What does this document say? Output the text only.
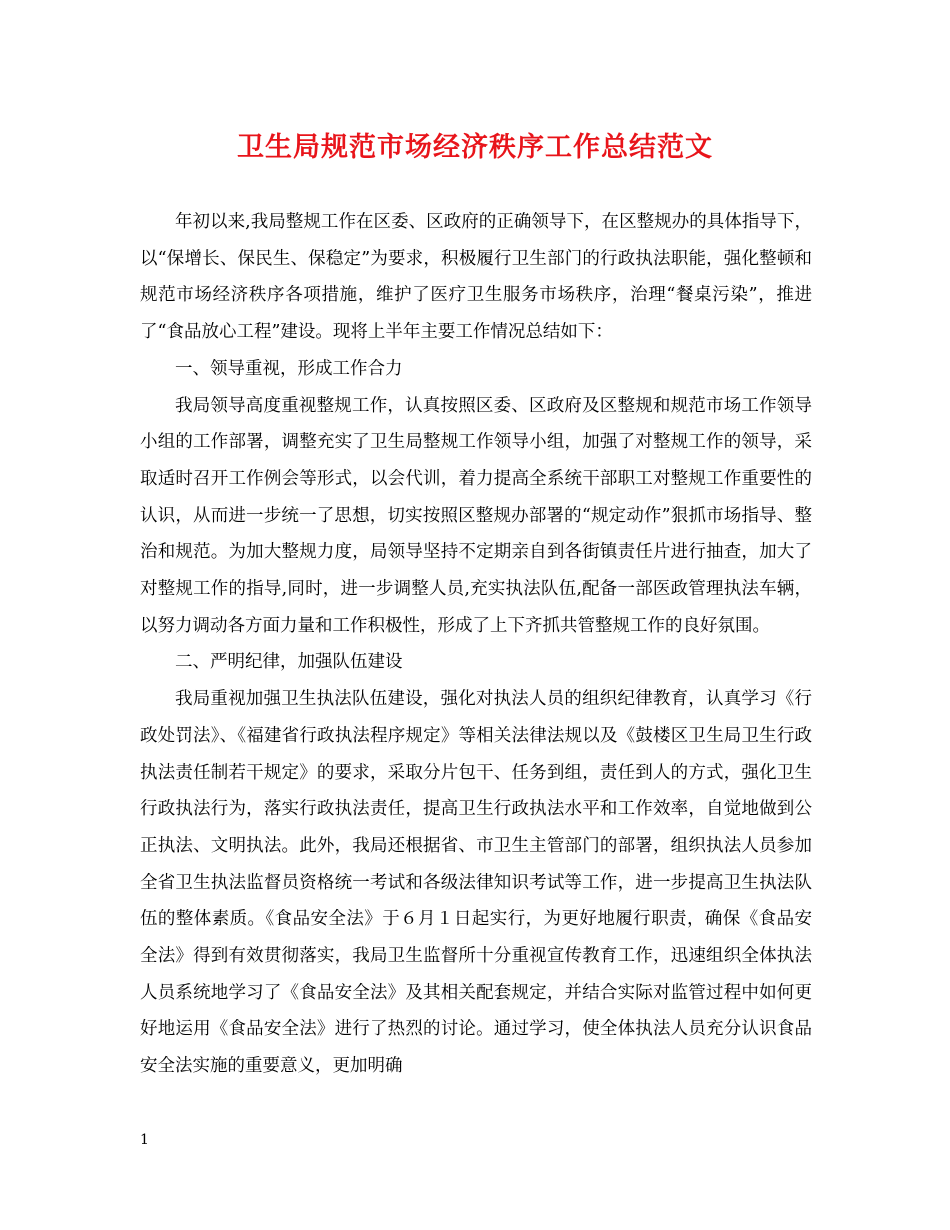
卫生局规范市场经济秩序工作总结范文

年初以来,我局整规工作在区委、区政府的正确领导下，在区整规办的具体指导下，以“保增长、保民生、保稳定”为要求，积极履行卫生部门的行政执法职能，强化整顿和规范市场经济秩序各项措施，维护了医疗卫生服务市场秩序，治理“餐桌污染”，推进了“食品放心工程”建设。现将上半年主要工作情况总结如下：

一、领导重视，形成工作合力

我局领导高度重视整规工作，认真按照区委、区政府及区整规和规范市场工作领导小组的工作部署，调整充实了卫生局整规工作领导小组，加强了对整规工作的领导，采取适时召开工作例会等形式，以会代训，着力提高全系统干部职工对整规工作重要性的认识，从而进一步统一了思想，切实按照区整规办部署的“规定动作”狠抓市场指导、整治和规范。为加大整规力度，局领导坚持不定期亲自到各街镇责任片进行抽查，加大了对整规工作的指导,同时，进一步调整人员,充实执法队伍,配备一部医政管理执法车辆，以努力调动各方面力量和工作积极性，形成了上下齐抓共管整规工作的良好氛围。

二、严明纪律，加强队伍建设

我局重视加强卫生执法队伍建设，强化对执法人员的组织纪律教育，认真学习《行政处罚法》、《福建省行政执法程序规定》等相关法律法规以及《鼓楼区卫生局卫生行政执法责任制若干规定》的要求，采取分片包干、任务到组，责任到人的方式，强化卫生行政执法行为，落实行政执法责任，提高卫生行政执法水平和工作效率，自觉地做到公正执法、文明执法。此外，我局还根据省、市卫生主管部门的部署，组织执法人员参加全省卫生执法监督员资格统一考试和各级法律知识考试等工作，进一步提高卫生执法队伍的整体素质。《食品安全法》于６月１日起实行，为更好地履行职责，确保《食品安全法》得到有效贯彻落实，我局卫生监督所十分重视宣传教育工作，迅速组织全体执法人员系统地学习了《食品安全法》及其相关配套规定，并结合实际对监管过程中如何更好地运用《食品安全法》进行了热烈的讨论。通过学习，使全体执法人员充分认识食品安全法实施的重要意义，更加明确

1
